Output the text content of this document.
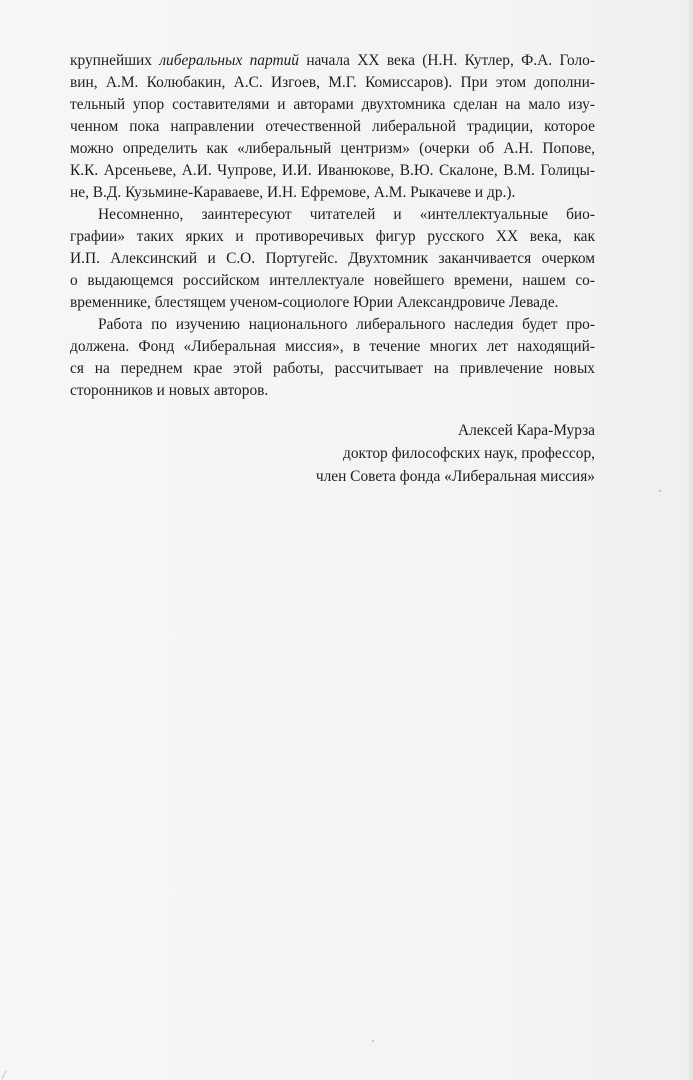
крупнейших либеральных партий начала XX века (Н.Н. Кутлер, Ф.А. Голо-
вин, А.М. Колюбакин, А.С. Изгоев, М.Г. Комиссаров). При этом дополни-
тельный упор составителями и авторами двухтомника сделан на мало изу-
ченном пока направлении отечественной либеральной традиции, которое
можно определить как «либеральный центризм» (очерки об А.Н. Попове,
К.К. Арсеньеве, А.И. Чупрове, И.И. Иванюкове, В.Ю. Скалоне, В.М. Голицы-
не, В.Д. Кузьмине-Караваеве, И.Н. Ефремове, А.М. Рыкачеве и др.).
Несомненно, заинтересуют читателей и «интеллектуальные био-
графии» таких ярких и противоречивых фигур русского XX века, как
И.П. Алексинский и С.О. Португейс. Двухтомник заканчивается очерком
о выдающемся российском интеллектуале новейшего времени, нашем со-
временнике, блестящем ученом-социологе Юрии Александровиче Леваде.
Работа по изучению национального либерального наследия будет про-
должена. Фонд «Либеральная миссия», в течение многих лет находящий-
ся на переднем крае этой работы, рассчитывает на привлечение новых
сторонников и новых авторов.
Алексей Кара-Мурза
доктор философских наук, профессор,
член Совета фонда «Либеральная миссия»
